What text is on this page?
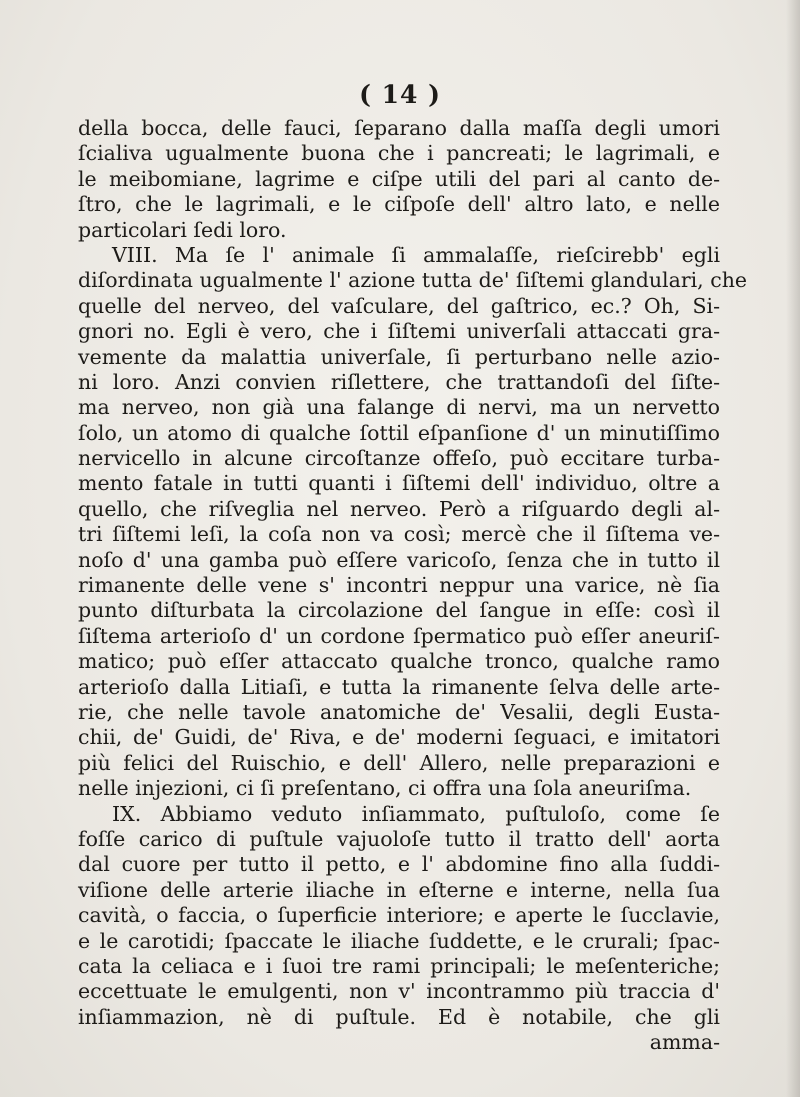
( 14 )
della bocca, delle fauci, ſeparano dalla maſſa degli umori
ſcialiva ugualmente buona che i pancreati; le lagrimali, e
le meibomiane, lagrime e ciſpe utili del pari al canto de-
ſtro, che le lagrimali, e le ciſpoſe dell' altro lato, e nelle
particolari ſedi loro.
VIII. Ma ſe l' animale ſi ammalaſſe, rieſcirebb' egli
diſordinata ugualmente l' azione tutta de' ſiſtemi glandulari, che
quelle del nerveo, del vaſculare, del gaſtrico, ec.? Oh, Si-
gnori no. Egli è vero, che i ſiſtemi univerſali attaccati gra-
vemente da malattia univerſale, ſi perturbano nelle azio-
ni loro. Anzi convien riſlettere, che trattandoſi del ſiſte-
ma nerveo, non già una falange di nervi, ma un nervetto
ſolo, un atomo di qualche ſottil eſpanſione d' un minutiſſimo
nervicello in alcune circoſtanze offeſo, può eccitare turba-
mento fatale in tutti quanti i ſiſtemi dell' individuo, oltre a
quello, che riſveglia nel nerveo. Però a riſguardo degli al-
tri ſiſtemi leſi, la coſa non va così; mercè che il ſiſtema ve-
noſo d' una gamba può eſſere varicoſo, ſenza che in tutto il
rimanente delle vene s' incontri neppur una varice, nè ſia
punto diſturbata la circolazione del ſangue in eſſe: così il
ſiſtema arterioſo d' un cordone ſpermatico può eſſer aneuriſ-
matico; può eſſer attaccato qualche tronco, qualche ramo
arterioſo dalla Litiaſi, e tutta la rimanente ſelva delle arte-
rie, che nelle tavole anatomiche de' Vesalii, degli Eusta-
chii, de' Guidi, de' Riva, e de' moderni ſeguaci, e imitatori
più felici del Ruischio, e dell' Allero, nelle preparazioni e
nelle injezioni, ci ſi preſentano, ci offra una ſola aneuriſma.
IX. Abbiamo veduto inſiammato, puſtuloſo, come ſe
foſſe carico di puſtule vajuoloſe tutto il tratto dell' aorta
dal cuore per tutto il petto, e l' abdomine fino alla ſuddi-
viſione delle arterie iliache in eſterne e interne, nella ſua
cavità, o faccia, o ſuperficie interiore; e aperte le ſucclavie,
e le carotidi; ſpaccate le iliache ſuddette, e le crurali; ſpac-
cata la celiaca e i ſuoi tre rami principali; le meſenteriche;
eccettuate le emulgenti, non v' incontrammo più traccia d'
inſiammazion, nè di puſtule. Ed è notabile, che gli
amma-
